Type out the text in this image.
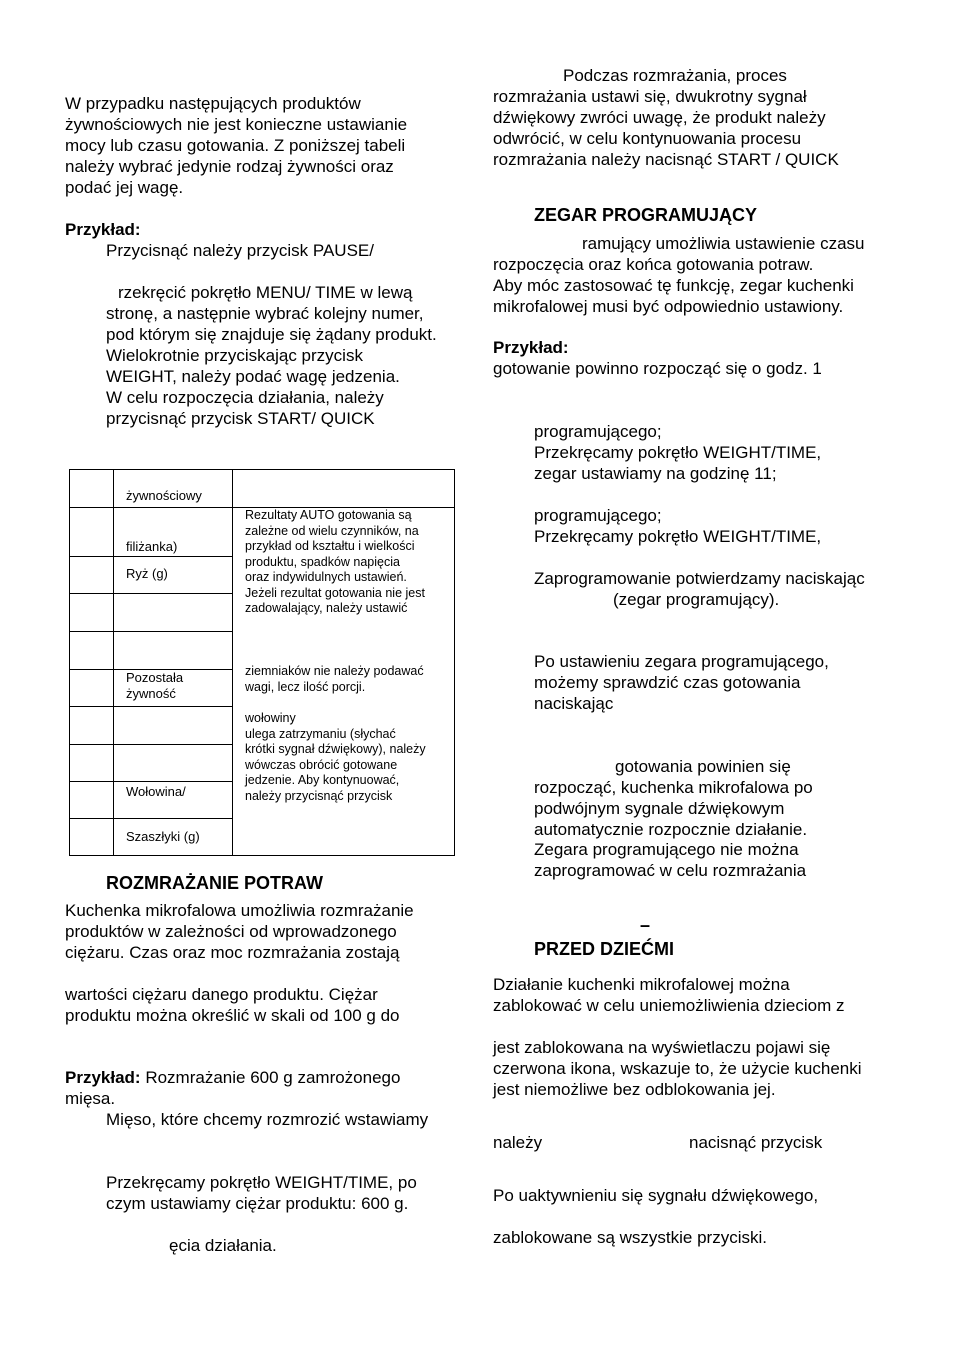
W przypadku następujących produktów

żywnościowych nie jest konieczne ustawianie

mocy lub czasu gotowania. Z poniższej tabeli

należy wybrać jedynie rodzaj żywności oraz

podać jej wagę.

Przykład:

Przycisnąć należy przycisk PAUSE/

rzekręcić pokrętło MENU/ TIME w lewą

stronę, a następnie wybrać kolejny numer,

pod którym się znajduje się żądany produkt.

Wielokrotnie przyciskając przycisk

WEIGHT, należy podać wagę jedzenia.

W celu rozpoczęcia działania, należy

przycisnąć przycisk START/ QUICK

żywnościowy

filiżanka)

Ryż (g)

Pozostała żywność

Wołowina/

Szaszłyki (g)

Rezultaty AUTO gotowania są

zależne od wielu czynników, na

przykład od kształtu i wielkości

produktu, spadków napięcia

oraz indywidulnych ustawień.

Jeżeli rezultat gotowania nie jest

zadowalający, należy ustawić

ziemniaków nie należy podawać

wagi, lecz ilość porcji.

wołowiny

ulega zatrzymaniu (słychać

krótki sygnał dźwiękowy), należy

wówczas obrócić gotowane

jedzenie. Aby kontynuować,

należy przycisnąć przycisk

ROZMRAŻANIE POTRAW

Kuchenka mikrofalowa umożliwia rozmrażanie

produktów w zależności od wprowadzonego

ciężaru. Czas oraz moc rozmrażania zostają

wartości ciężaru danego produktu. Ciężar

produktu można określić w skali od 100 g do

Przykład: Rozmrażanie 600 g zamrożonego

mięsa.

Mięso, które chcemy rozmrozić wstawiamy

Przekręcamy pokrętło WEIGHT/TIME, po

czym ustawiamy ciężar produktu: 600 g.

ęcia działania.

Podczas rozmrażania, proces

rozmrażania ustawi się, dwukrotny sygnał

dźwiękowy zwróci uwagę, że produkt należy

odwrócić, w celu kontynuowania procesu

rozmrażania należy nacisnąć START / QUICK

ZEGAR PROGRAMUJĄCY

ramujący umożliwia ustawienie czasu

rozpoczęcia oraz końca gotowania potraw.

Aby móc zastosować tę funkcję, zegar kuchenki

mikrofalowej musi być odpowiednio ustawiony.

Przykład:

gotowanie powinno rozpocząć się o godz. 1

programującego;

Przekręcamy pokrętło WEIGHT/TIME,

zegar ustawiamy na godzinę 11;

programującego;

Przekręcamy pokrętło WEIGHT/TIME,

Zaprogramowanie potwierdzamy naciskając

(zegar programujący).

Po ustawieniu zegara programującego,

możemy sprawdzić czas gotowania

naciskając

gotowania powinien się

rozpocząć, kuchenka mikrofalowa po

podwójnym sygnale dźwiękowym

automatycznie rozpocznie działanie.

Zegara programującego nie można

zaprogramować w celu rozmrażania

–

PRZED DZIEĆMI

Działanie kuchenki mikrofalowej można

zablokować w celu uniemożliwienia dzieciom z

jest zablokowana na wyświetlaczu pojawi się

czerwona ikona, wskazuje to, że użycie kuchenki

jest niemożliwe bez odblokowania jej.

należy	nacisnąć przycisk

Po uaktywnieniu się sygnału dźwiękowego,

zablokowane są wszystkie przyciski.
